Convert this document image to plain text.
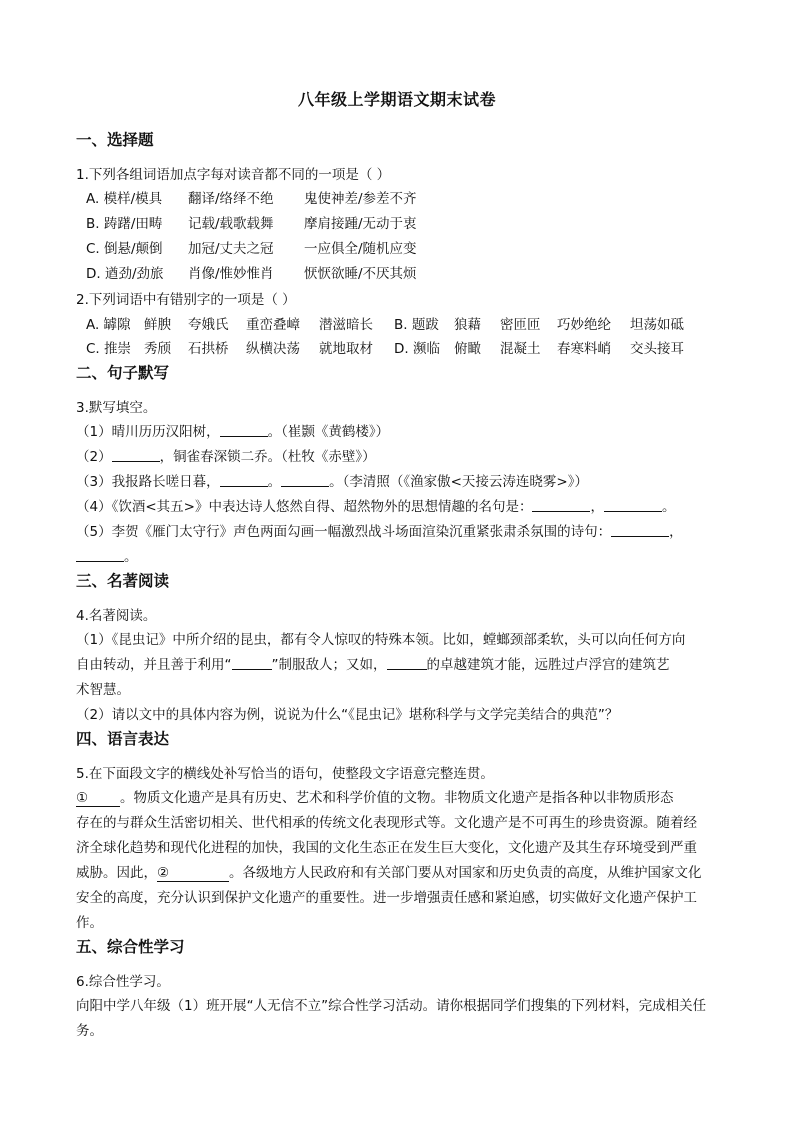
八年级上学期语文期末试卷
一、选择题
1.下列各组词语加点字每对读音都不同的一项是（ ）
A. 模样/模具 翻译/络绎不绝 鬼使神差/参差不齐
B. 踌躇/田畴 记载/载歌载舞 摩肩接踵/无动于衷
C. 倒悬/颠倒 加冠/丈夫之冠 一应俱全/随机应变
D. 遒劲/劲旅 肖像/惟妙惟肖 恹恹欲睡/不厌其烦
2.下列词语中有错别字的一项是（ ）
A. 罅隙 鲜腴 夸娥氏 重峦叠嶂 潜滋暗长 B. 题跋 狼藉 密匝匝 巧妙绝纶 坦荡如砥
C. 推崇 秀颀 石拱桥 纵横决荡 就地取材 D. 濒临 俯瞰 混凝土 春寒料峭 交头接耳
二、句子默写
3.默写填空。
（1）晴川历历汉阳树，	。（崔颢《黄鹤楼》）
（2）	，铜雀春深锁二乔。（杜牧《赤壁》）
（3）我报路长嗟日暮，	。	。（李清照（《渔家傲<天接云涛连晓雾>》）
（4）《饮酒<其五>》中表达诗人悠然自得、超然物外的思想情趣的名句是：	，	。
（5）李贺《雁门太守行》声色两面勾画一幅激烈战斗场面渲染沉重紧张肃杀氛围的诗句：	，
。
三、名著阅读
4.名著阅读。
（1）《昆虫记》中所介绍的昆虫，都有令人惊叹的特殊本领。比如，螳螂颈部柔软，头可以向任何方向
自由转动，并且善于利用“	”制服敌人；又如，	的卓越建筑才能，远胜过卢浮宫的建筑艺
术智慧。
（2）请以文中的具体内容为例，说说为什么“《昆虫记》堪称科学与文学完美结合的典范”？
四、语言表达
5.在下面段文字的横线处补写恰当的语句，使整段文字语意完整连贯。
① 。物质文化遗产是具有历史、艺术和科学价值的文物。非物质文化遗产是指各种以非物质形态
存在的与群众生活密切相关、世代相承的传统文化表现形式等。文化遗产是不可再生的珍贵资源。随着经
济全球化趋势和现代化进程的加快，我国的文化生态正在发生巨大变化，文化遗产及其生存环境受到严重
威胁。因此，②	。各级地方人民政府和有关部门要从对国家和历史负责的高度，从维护国家文化
安全的高度，充分认识到保护文化遗产的重要性。进一步增强责任感和紧迫感，切实做好文化遗产保护工
作。
五、综合性学习
6.综合性学习。
向阳中学八年级（1）班开展“人无信不立”综合性学习活动。请你根据同学们搜集的下列材料，完成相关任
务。
